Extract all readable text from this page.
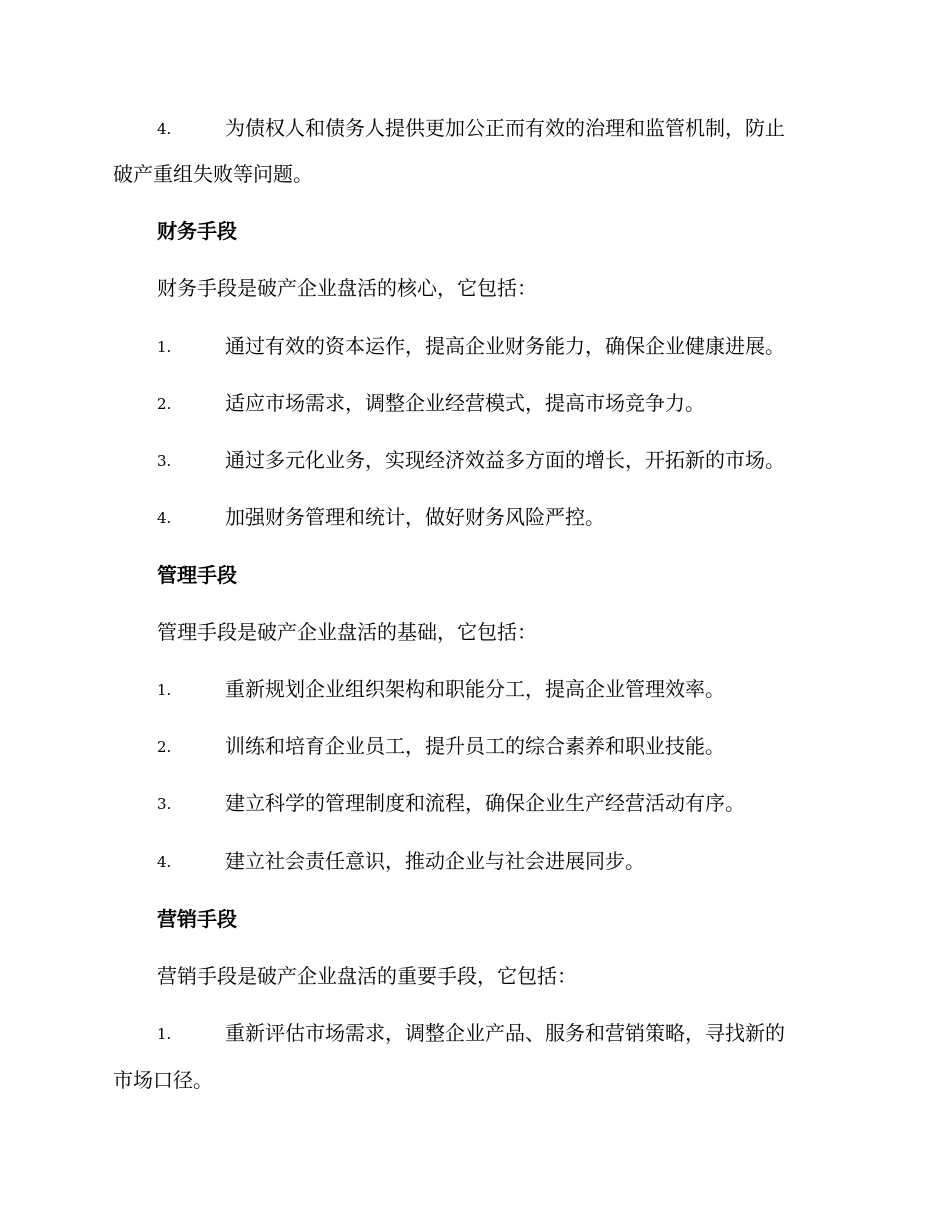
4.	为债权人和债务人提供更加公正而有效的治理和监管机制，防止
破产重组失败等问题。
财务手段
财务手段是破产企业盘活的核心，它包括：
1.	通过有效的资本运作，提高企业财务能力，确保企业健康进展。
2.	适应市场需求，调整企业经营模式，提高市场竞争力。
3.	通过多元化业务，实现经济效益多方面的增长，开拓新的市场。
4.	加强财务管理和统计，做好财务风险严控。
管理手段
管理手段是破产企业盘活的基础，它包括：
1.	重新规划企业组织架构和职能分工，提高企业管理效率。
2.	训练和培育企业员工，提升员工的综合素养和职业技能。
3.	建立科学的管理制度和流程，确保企业生产经营活动有序。
4.	建立社会责任意识，推动企业与社会进展同步。
营销手段
营销手段是破产企业盘活的重要手段，它包括：
1.	重新评估市场需求，调整企业产品、服务和营销策略，寻找新的
市场口径。
